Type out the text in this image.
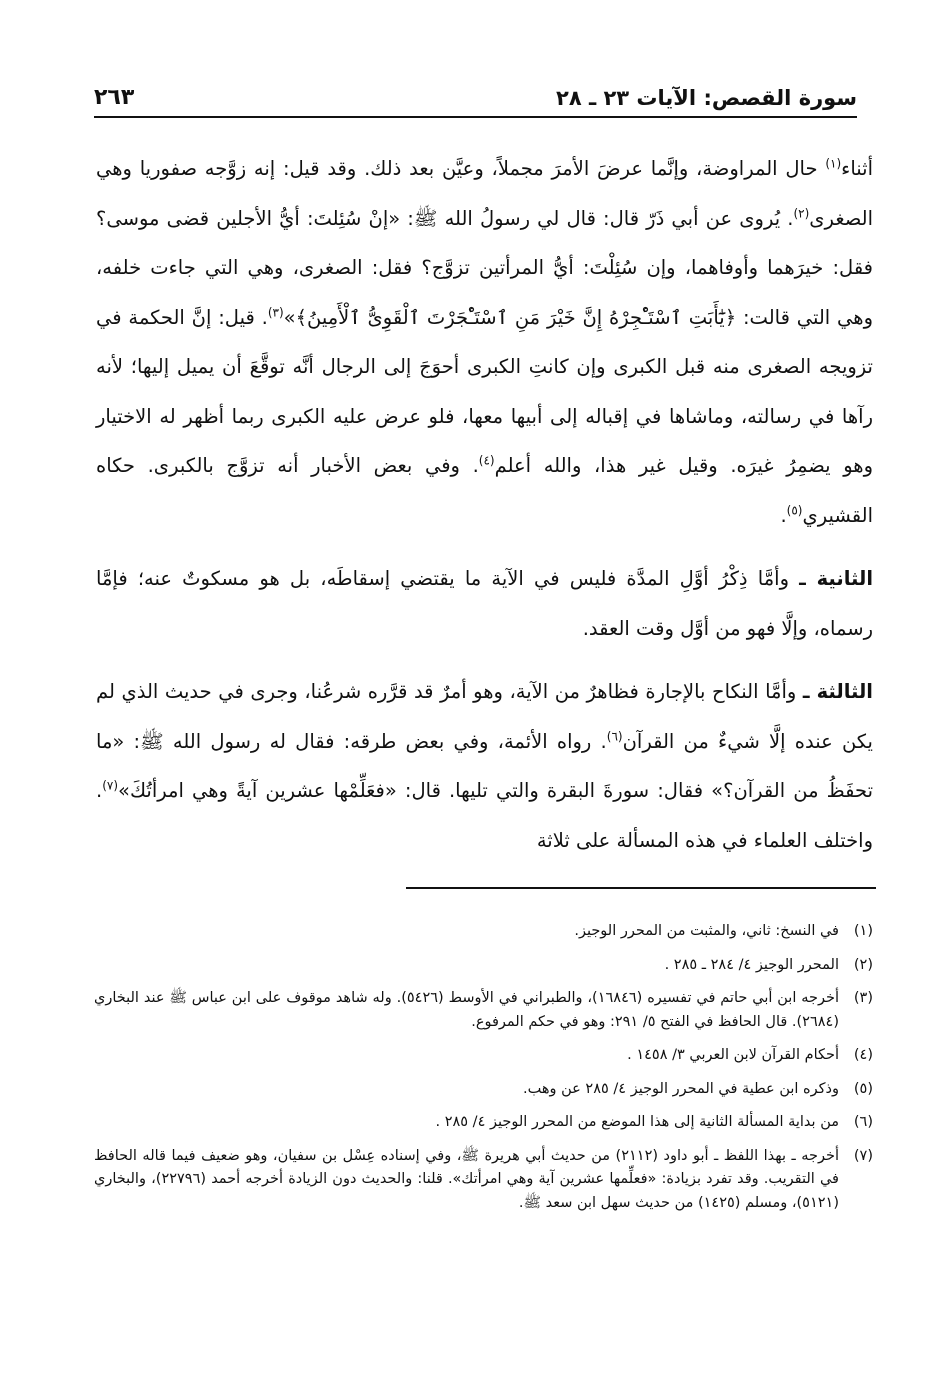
سورة القصص: الآيات ٢٣ ـ ٢٨
٢٦٣

أثناء$^{(١)}$ حال المراوضة، وإنَّما عرضَ الأمرَ مجملاً، وعيَّن بعد ذلك. وقد قيل: إنه زوَّجه صفوريا وهي الصغرى$^{(٢)}$. يُروى عن أبي ذَرّ قال: قال لي رسولُ الله ﷺ: «إنْ سُئِلتَ: أيُّ الأجلين قضى موسى؟ فقل: خيرَهما وأوفاهما، وإن سُئِلْتَ: أيُّ المرأتين تزوَّج؟ فقل: الصغرى، وهي التي جاءت خلفه، وهي التي قالت: ﴿يَٰٓأَبَتِ ٱسْتَـْٔجِرْهُ إِنَّ خَيْرَ مَنِ ٱسْتَـْٔجَرْتَ ٱلْقَوِىُّ ٱلْأَمِينُ﴾»$^{(٣)}$. قيل: إنَّ الحكمة في تزويجه الصغرى منه قبل الكبرى وإن كانتِ الكبرى أحوَجَ إلى الرجال أنَّه توقَّعَ أن يميل إليها؛ لأنه رآها في رسالته، وماشاها في إقباله إلى أبيها معها، فلو عرض عليه الكبرى ربما أظهر له الاختيار وهو يضمِرُ غيرَه. وقيل غير هذا، والله أعلم$^{(٤)}$. وفي بعض الأخبار أنه تزوَّج بالكبرى. حكاه القشيري$^{(٥)}$.

الثانية ـ وأمَّا ذِكْرُ أوَّلِ المدَّة فليس في الآية ما يقتضي إسقاطَه، بل هو مسكوتٌ عنه؛ فإمَّا رسماه، وإلَّا فهو من أوَّل وقت العقد.

الثالثة ـ وأمَّا النكاح بالإجارة فظاهرٌ من الآية، وهو أمرٌ قد قرَّره شرعُنا، وجرى في حديث الذي لم يكن عنده إلَّا شيءٌ من القرآن$^{(٦)}$. رواه الأئمة، وفي بعض طرقه: فقال له رسول الله ﷺ: «ما تحفَظُ من القرآن؟» فقال: سورةَ البقرة والتي تليها. قال: «فعَلِّمْها عشرين آيةً وهي امرأتُكَ»$^{(٧)}$. واختلف العلماء في هذه المسألة على ثلاثة

(١)
في النسخ: ثاني، والمثبت من المحرر الوجيز.
(٢)
المحرر الوجيز ٤/ ٢٨٤ ـ ٢٨٥ .
(٣)
أخرجه ابن أبي حاتم في تفسيره (١٦٨٤٦)، والطبراني في الأوسط (٥٤٢٦). وله شاهد موقوف على ابن عباس ﷺ عند البخاري (٢٦٨٤). قال الحافظ في الفتح ٥/ ٢٩١: وهو في حكم المرفوع.
(٤)
أحكام القرآن لابن العربي ٣/ ١٤٥٨ .
(٥)
وذكره ابن عطية في المحرر الوجيز ٤/ ٢٨٥ عن وهب.
(٦)
من بداية المسألة الثانية إلى هذا الموضع من المحرر الوجيز ٤/ ٢٨٥ .
(٧)
أخرجه ـ بهذا اللفظ ـ أبو داود (٢١١٢) من حديث أبي هريرة ﷺ، وفي إسناده عِسْل بن سفيان، وهو ضعيف فيما قاله الحافظ في التقريب. وقد تفرد بزيادة: «فعلِّمها عشرين آية وهي امرأتك». قلنا: والحديث دون الزيادة أخرجه أحمد (٢٢٧٩٦)، والبخاري (٥١٢١)، ومسلم (١٤٢٥) من حديث سهل ابن سعد ﷺ.
